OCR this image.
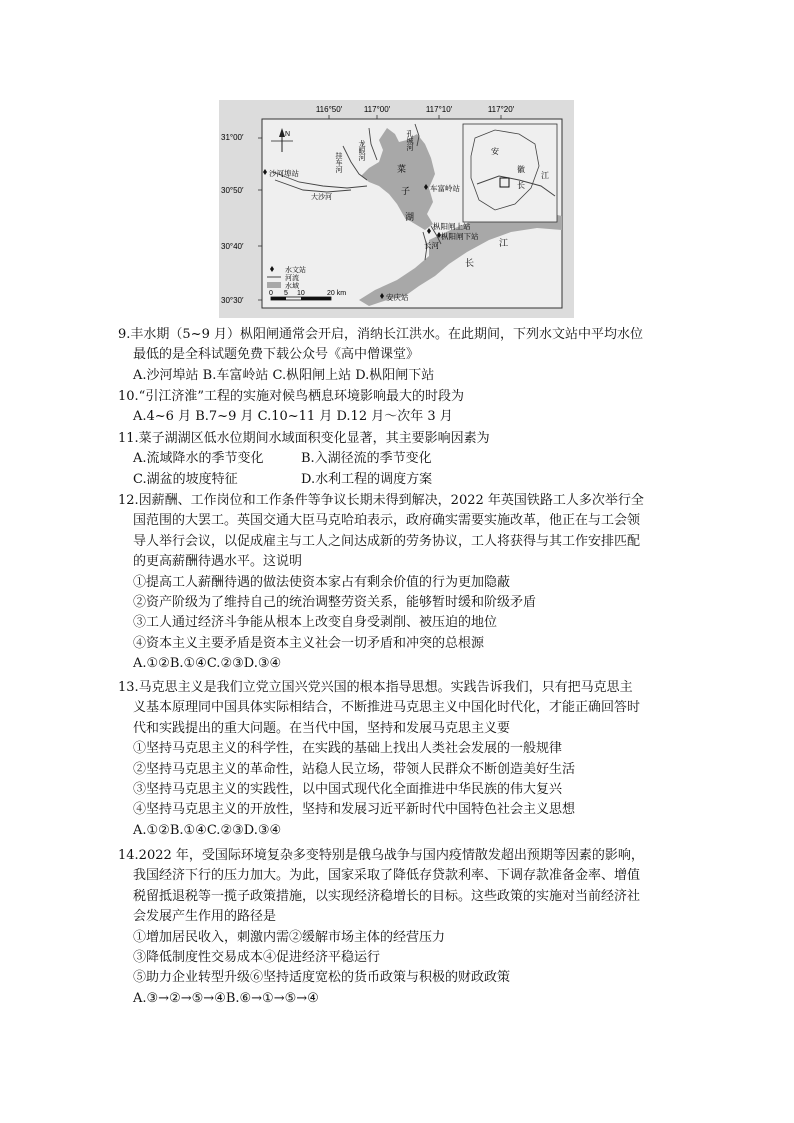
116°50′	117°00′	117°10′	117°20′
31°00′
30°50′
30°40′
30°30′
N
沙河埠站
车富岭站
枞阳闸上站
枞阳闸下站
安庆站
龙眼河	孔城河
挂车河
大沙河
长河
菜
子
湖
江
长
安
徽
江
长
水文站
河流
水域
0 5 10	20 km
9.丰水期（5~9 月）枞阳闸通常会开启，消纳长江洪水。在此期间，下列水文站中平均水位
最低的是全科试题免费下载公众号《高中僧课堂》
A.沙河埠站 B.车富岭站 C.枞阳闸上站 D.枞阳闸下站
10.“引江济淮”工程的实施对候鸟栖息环境影响最大的时段为
A.4~6 月 B.7~9 月 C.10~11 月 D.12 月～次年 3 月
11.菜子湖湖区低水位期间水域面积变化显著，其主要影响因素为
A.流域降水的季节变化	B.入湖径流的季节变化
C.湖盆的坡度特征	D.水利工程的调度方案
12.因薪酬、工作岗位和工作条件等争议长期未得到解决，2022 年英国铁路工人多次举行全
国范围的大罢工。英国交通大臣马克哈珀表示，政府确实需要实施改革，他正在与工会领
导人举行会议，以促成雇主与工人之间达成新的劳务协议，工人将获得与其工作安排匹配
的更高薪酬待遇水平。这说明
①提高工人薪酬待遇的做法使资本家占有剩余价值的行为更加隐蔽
②资产阶级为了维持自己的统治调整劳资关系，能够暂时缓和阶级矛盾
③工人通过经济斗争能从根本上改变自身受剥削、被压迫的地位
④资本主义主要矛盾是资本主义社会一切矛盾和冲突的总根源
A.①②B.①④C.②③D.③④
13.马克思主义是我们立党立国兴党兴国的根本指导思想。实践告诉我们，只有把马克思主
义基本原理同中国具体实际相结合，不断推进马克思主义中国化时代化，才能正确回答时
代和实践提出的重大问题。在当代中国，坚持和发展马克思主义要
①坚持马克思主义的科学性，在实践的基础上找出人类社会发展的一般规律
②坚持马克思主义的革命性，站稳人民立场，带领人民群众不断创造美好生活
③坚持马克思主义的实践性，以中国式现代化全面推进中华民族的伟大复兴
④坚持马克思主义的开放性，坚持和发展习近平新时代中国特色社会主义思想
A.①②B.①④C.②③D.③④
14.2022 年，受国际环境复杂多变特别是俄乌战争与国内疫情散发超出预期等因素的影响，
我国经济下行的压力加大。为此，国家采取了降低存贷款利率、下调存款准备金率、增值
税留抵退税等一揽子政策措施，以实现经济稳增长的目标。这些政策的实施对当前经济社
会发展产生作用的路径是
①增加居民收入，刺激内需②缓解市场主体的经营压力
③降低制度性交易成本④促进经济平稳运行
⑤助力企业转型升级⑥坚持适度宽松的货币政策与积极的财政政策
A.③→②→⑤→④B.⑥→①→⑤→④
